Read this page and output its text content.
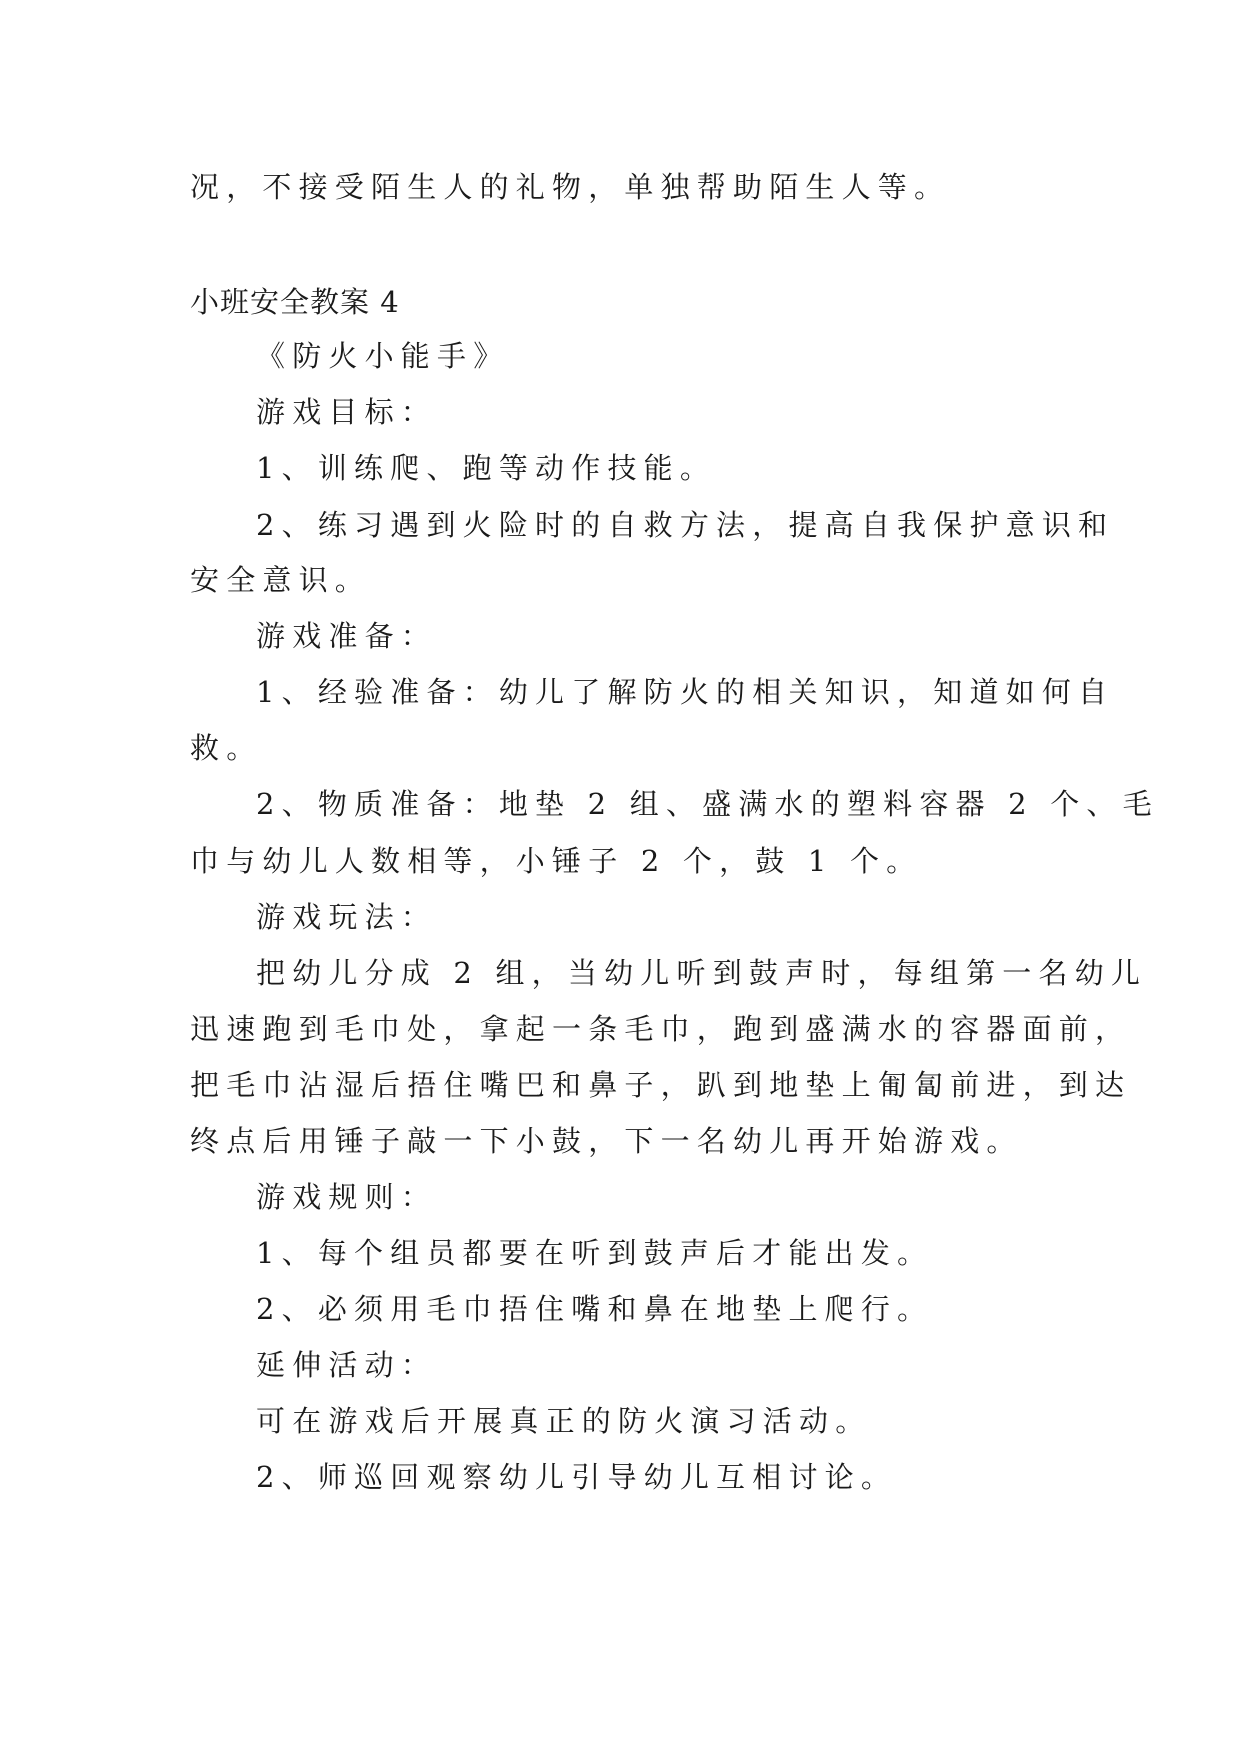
况，不接受陌生人的礼物，单独帮助陌生人等。
小班安全教案 4
《防火小能手》
游戏目标：
1、训练爬、跑等动作技能。
2、练习遇到火险时的自救方法，提高自我保护意识和
安全意识。
游戏准备：
1、经验准备：幼儿了解防火的相关知识，知道如何自
救。
2、物质准备：地垫 2 组、盛满水的塑料容器 2 个、毛
巾与幼儿人数相等，小锤子 2 个，鼓 1 个。
游戏玩法：
把幼儿分成 2 组，当幼儿听到鼓声时，每组第一名幼儿
迅速跑到毛巾处，拿起一条毛巾，跑到盛满水的容器面前，
把毛巾沾湿后捂住嘴巴和鼻子，趴到地垫上匍匐前进，到达
终点后用锤子敲一下小鼓，下一名幼儿再开始游戏。
游戏规则：
1、每个组员都要在听到鼓声后才能出发。
2、必须用毛巾捂住嘴和鼻在地垫上爬行。
延伸活动：
可在游戏后开展真正的防火演习活动。
2、师巡回观察幼儿引导幼儿互相讨论。
